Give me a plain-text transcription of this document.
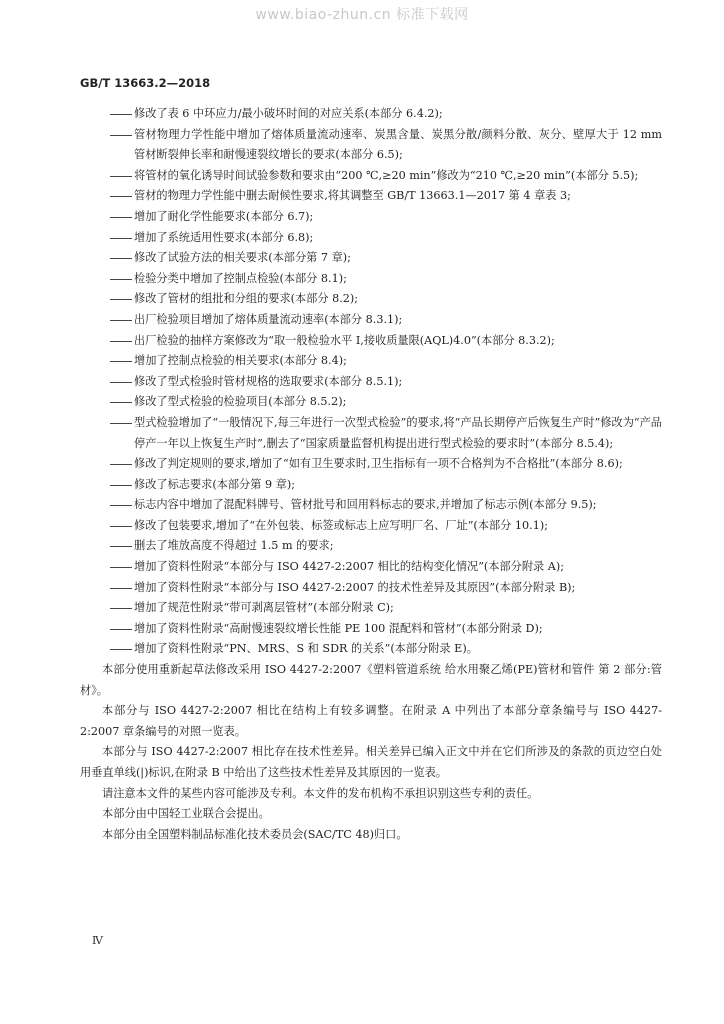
www.biao-zhun.cn 标准下载网
GB/T 13663.2—2018
修改了表 6 中环应力/最小破坏时间的对应关系(本部分 6.4.2);
管材物理力学性能中增加了熔体质量流动速率、炭黑含量、炭黑分散/颜料分散、灰分、壁厚大于 12 mm 管材断裂伸长率和耐慢速裂纹增长的要求(本部分 6.5);
将管材的氧化诱导时间试验参数和要求由“200 ℃,≥20 min”修改为“210 ℃,≥20 min”(本部分 5.5);
管材的物理力学性能中删去耐候性要求,将其调整至 GB/T 13663.1—2017 第 4 章表 3;
增加了耐化学性能要求(本部分 6.7);
增加了系统适用性要求(本部分 6.8);
修改了试验方法的相关要求(本部分第 7 章);
检验分类中增加了控制点检验(本部分 8.1);
修改了管材的组批和分组的要求(本部分 8.2);
出厂检验项目增加了熔体质量流动速率(本部分 8.3.1);
出厂检验的抽样方案修改为“取一般检验水平 I,接收质量限(AQL)4.0”(本部分 8.3.2);
增加了控制点检验的相关要求(本部分 8.4);
修改了型式检验时管材规格的选取要求(本部分 8.5.1);
修改了型式检验的检验项目(本部分 8.5.2);
型式检验增加了“一般情况下,每三年进行一次型式检验”的要求,将“产品长期停产后恢复生产时”修改为“产品停产一年以上恢复生产时”,删去了“国家质量监督机构提出进行型式检验的要求时”(本部分 8.5.4);
修改了判定规则的要求,增加了“如有卫生要求时,卫生指标有一项不合格判为不合格批”(本部分 8.6);
修改了标志要求(本部分第 9 章);
标志内容中增加了混配料牌号、管材批号和回用料标志的要求,并增加了标志示例(本部分 9.5);
修改了包装要求,增加了“在外包装、标签或标志上应写明厂名、厂址”(本部分 10.1);
删去了堆放高度不得超过 1.5 m 的要求;
增加了资料性附录“本部分与 ISO 4427-2:2007 相比的结构变化情况”(本部分附录 A);
增加了资料性附录“本部分与 ISO 4427-2:2007 的技术性差异及其原因”(本部分附录 B);
增加了规范性附录“带可剥离层管材”(本部分附录 C);
增加了资料性附录“高耐慢速裂纹增长性能 PE 100 混配料和管材”(本部分附录 D);
增加了资料性附录“PN、MRS、S 和 SDR 的关系”(本部分附录 E)。
本部分使用重新起草法修改采用 ISO 4427-2:2007《塑料管道系统 给水用聚乙烯(PE)管材和管件 第 2 部分:管材》。
本部分与 ISO 4427-2:2007 相比在结构上有较多调整。在附录 A 中列出了本部分章条编号与 ISO 4427-2:2007 章条编号的对照一览表。
本部分与 ISO 4427-2:2007 相比存在技术性差异。相关差异已编入正文中并在它们所涉及的条款的页边空白处用垂直单线(|)标识,在附录 B 中给出了这些技术性差异及其原因的一览表。
请注意本文件的某些内容可能涉及专利。本文件的发布机构不承担识别这些专利的责任。
本部分由中国轻工业联合会提出。
本部分由全国塑料制品标准化技术委员会(SAC/TC 48)归口。
Ⅳ
